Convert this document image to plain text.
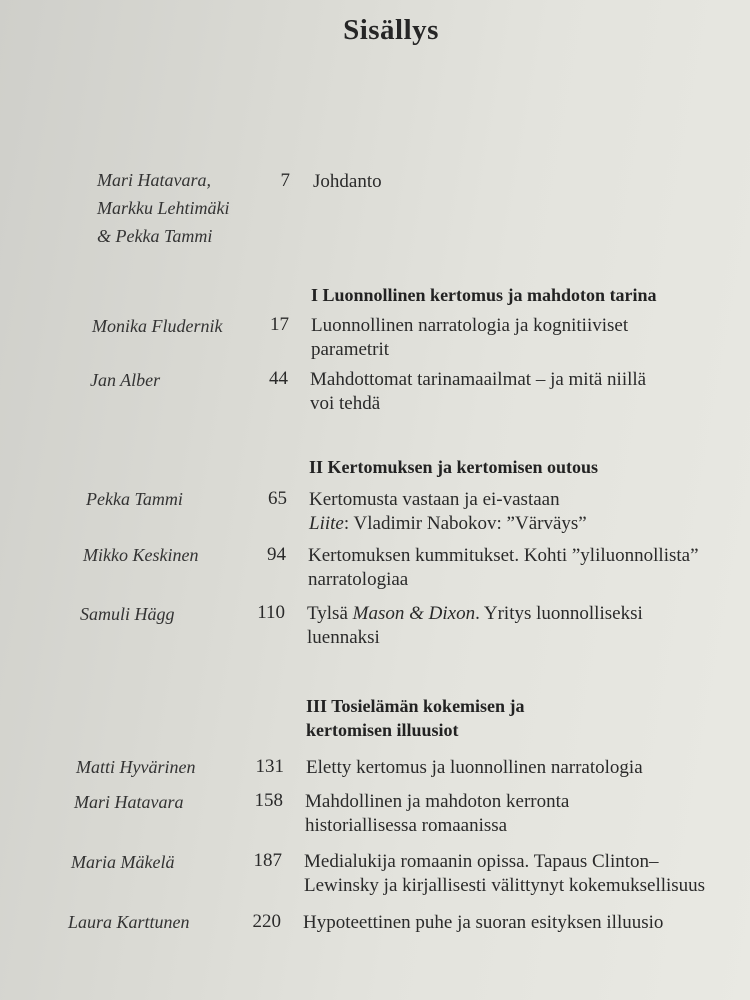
Sisällys
Mari Hatavara,
Markku Lehtimäki
& Pekka Tammi
7 Johdanto
I Luonnollinen kertomus ja mahdoton tarina
Monika Fludernik	17 Luonnollinen narratologia ja kognitiiviset
parametrit
Jan Alber	44 Mahdottomat tarinamaailmat – ja mitä niillä
voi tehdä
II Kertomuksen ja kertomisen outous
Pekka Tammi	65 Kertomusta vastaan ja ei-vastaan
Liite: Vladimir Nabokov: ”Värväys”
Mikko Keskinen	94 Kertomuksen kummitukset. Kohti ”yliluonnollista”
narratologiaa
Samuli Hägg	110 Tylsä Mason & Dixon. Yritys luonnolliseksi
luennaksi
III Tosielämän kokemisen ja
kertomisen illuusiot
Matti Hyvärinen	131 Eletty kertomus ja luonnollinen narratologia
Mari Hatavara	158 Mahdollinen ja mahdoton kerronta
historiallisessa romaanissa
Maria Mäkelä	187 Medialukija romaanin opissa. Tapaus Clinton–
Lewinsky ja kirjallisesti välittynyt kokemuksellisuus
Laura Karttunen	220 Hypoteettinen puhe ja suoran esityksen illuusio
